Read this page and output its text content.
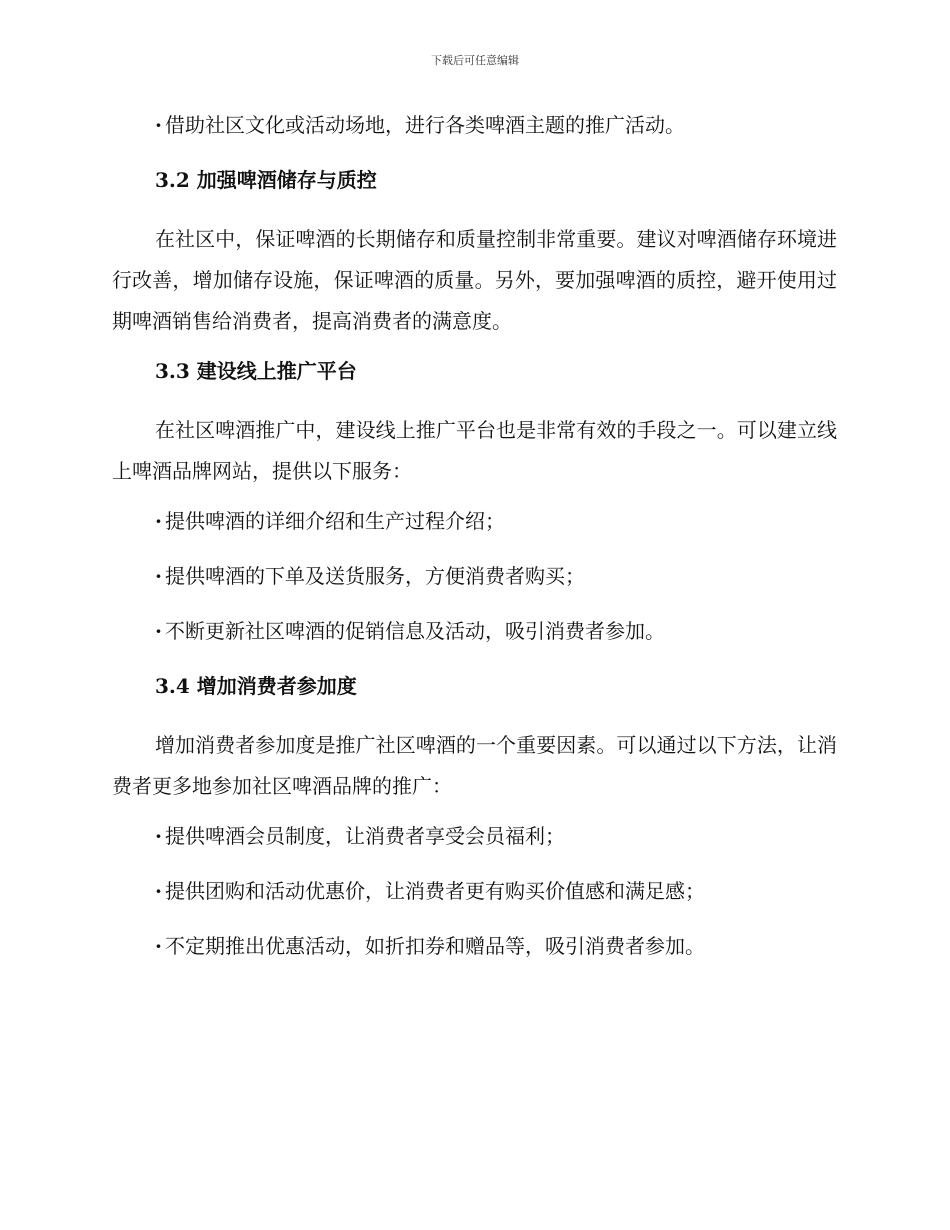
下载后可任意编辑

· 借助社区文化或活动场地，进行各类啤酒主题的推广活动。

3.2 加强啤酒储存与质控

在社区中，保证啤酒的长期储存和质量控制非常重要。建议对啤酒储存环境进行改善，增加储存设施，保证啤酒的质量。另外，要加强啤酒的质控，避开使用过期啤酒销售给消费者，提高消费者的满意度。

3.3 建设线上推广平台

在社区啤酒推广中，建设线上推广平台也是非常有效的手段之一。可以建立线上啤酒品牌网站，提供以下服务：

· 提供啤酒的详细介绍和生产过程介绍；

· 提供啤酒的下单及送货服务，方便消费者购买；

· 不断更新社区啤酒的促销信息及活动，吸引消费者参加。

3.4 增加消费者参加度

增加消费者参加度是推广社区啤酒的一个重要因素。可以通过以下方法，让消费者更多地参加社区啤酒品牌的推广：

· 提供啤酒会员制度，让消费者享受会员福利；

· 提供团购和活动优惠价，让消费者更有购买价值感和满足感；

· 不定期推出优惠活动，如折扣券和赠品等，吸引消费者参加。
